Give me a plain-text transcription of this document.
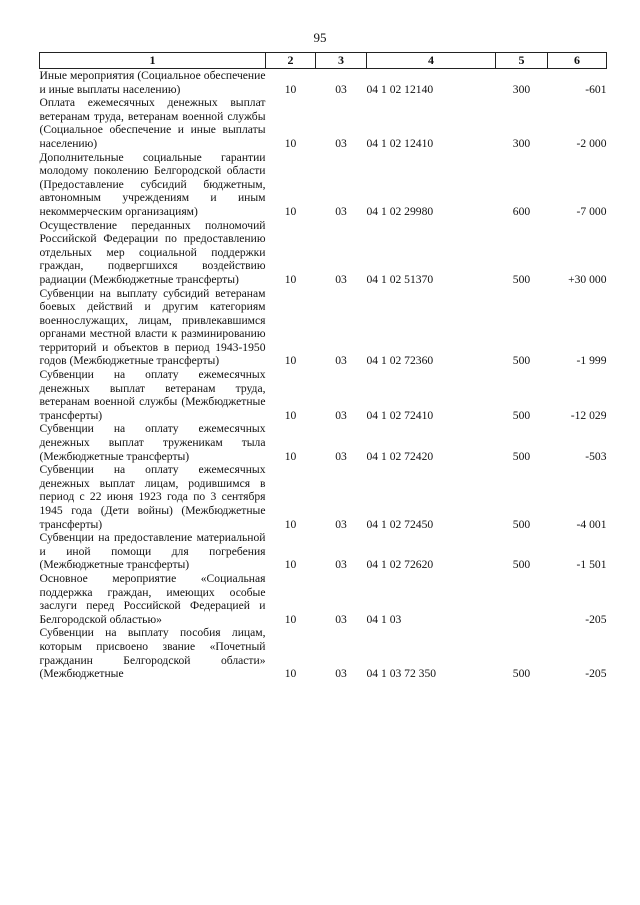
95
1	2	3	4	5	6
Иные мероприятия (Социальное обеспечение и иные выплаты населению)	10	03	04 1 02 12140	300	-601
Оплата ежемесячных денежных выплат ветеранам труда, ветеранам военной службы (Социальное обеспечение и иные выплаты населению)	10	03	04 1 02 12410	300	-2 000
Дополнительные социальные гарантии молодому поколению Белгородской области (Предоставление субсидий бюджетным, автономным учреждениям и иным некоммерческим организациям)	10	03	04 1 02 29980	600	-7 000
Осуществление переданных полномочий Российской Федерации по предоставлению отдельных мер социальной поддержки граждан, подвергшихся воздействию радиации (Межбюджетные трансферты)	10	03	04 1 02 51370	500	+30 000
Субвенции на выплату субсидий ветеранам боевых действий и другим категориям военнослужащих, лицам, привлекавшимся органами местной власти к разминированию территорий и объектов в период 1943-1950 годов (Межбюджетные трансферты)	10	03	04 1 02 72360	500	-1 999
Субвенции на оплату ежемесячных денежных выплат ветеранам труда, ветеранам военной службы (Межбюджетные трансферты)	10	03	04 1 02 72410	500	-12 029
Субвенции на оплату ежемесячных денежных выплат труженикам тыла (Межбюджетные трансферты)	10	03	04 1 02 72420	500	-503
Субвенции на оплату ежемесячных денежных выплат лицам, родившимся в период с 22 июня 1923 года по 3 сентября 1945 года (Дети войны) (Межбюджетные трансферты)	10	03	04 1 02 72450	500	-4 001
Субвенции на предоставление материальной и иной помощи для погребения (Межбюджетные трансферты)	10	03	04 1 02 72620	500	-1 501
Основное мероприятие «Социальная поддержка граждан, имеющих особые заслуги перед Российской Федерацией и Белгородской областью»	10	03	04 1 03		-205
Субвенции на выплату пособия лицам, которым присвоено звание «Почетный гражданин Белгородской области» (Межбюджетные	10	03	04 1 03 72 350	500	-205
